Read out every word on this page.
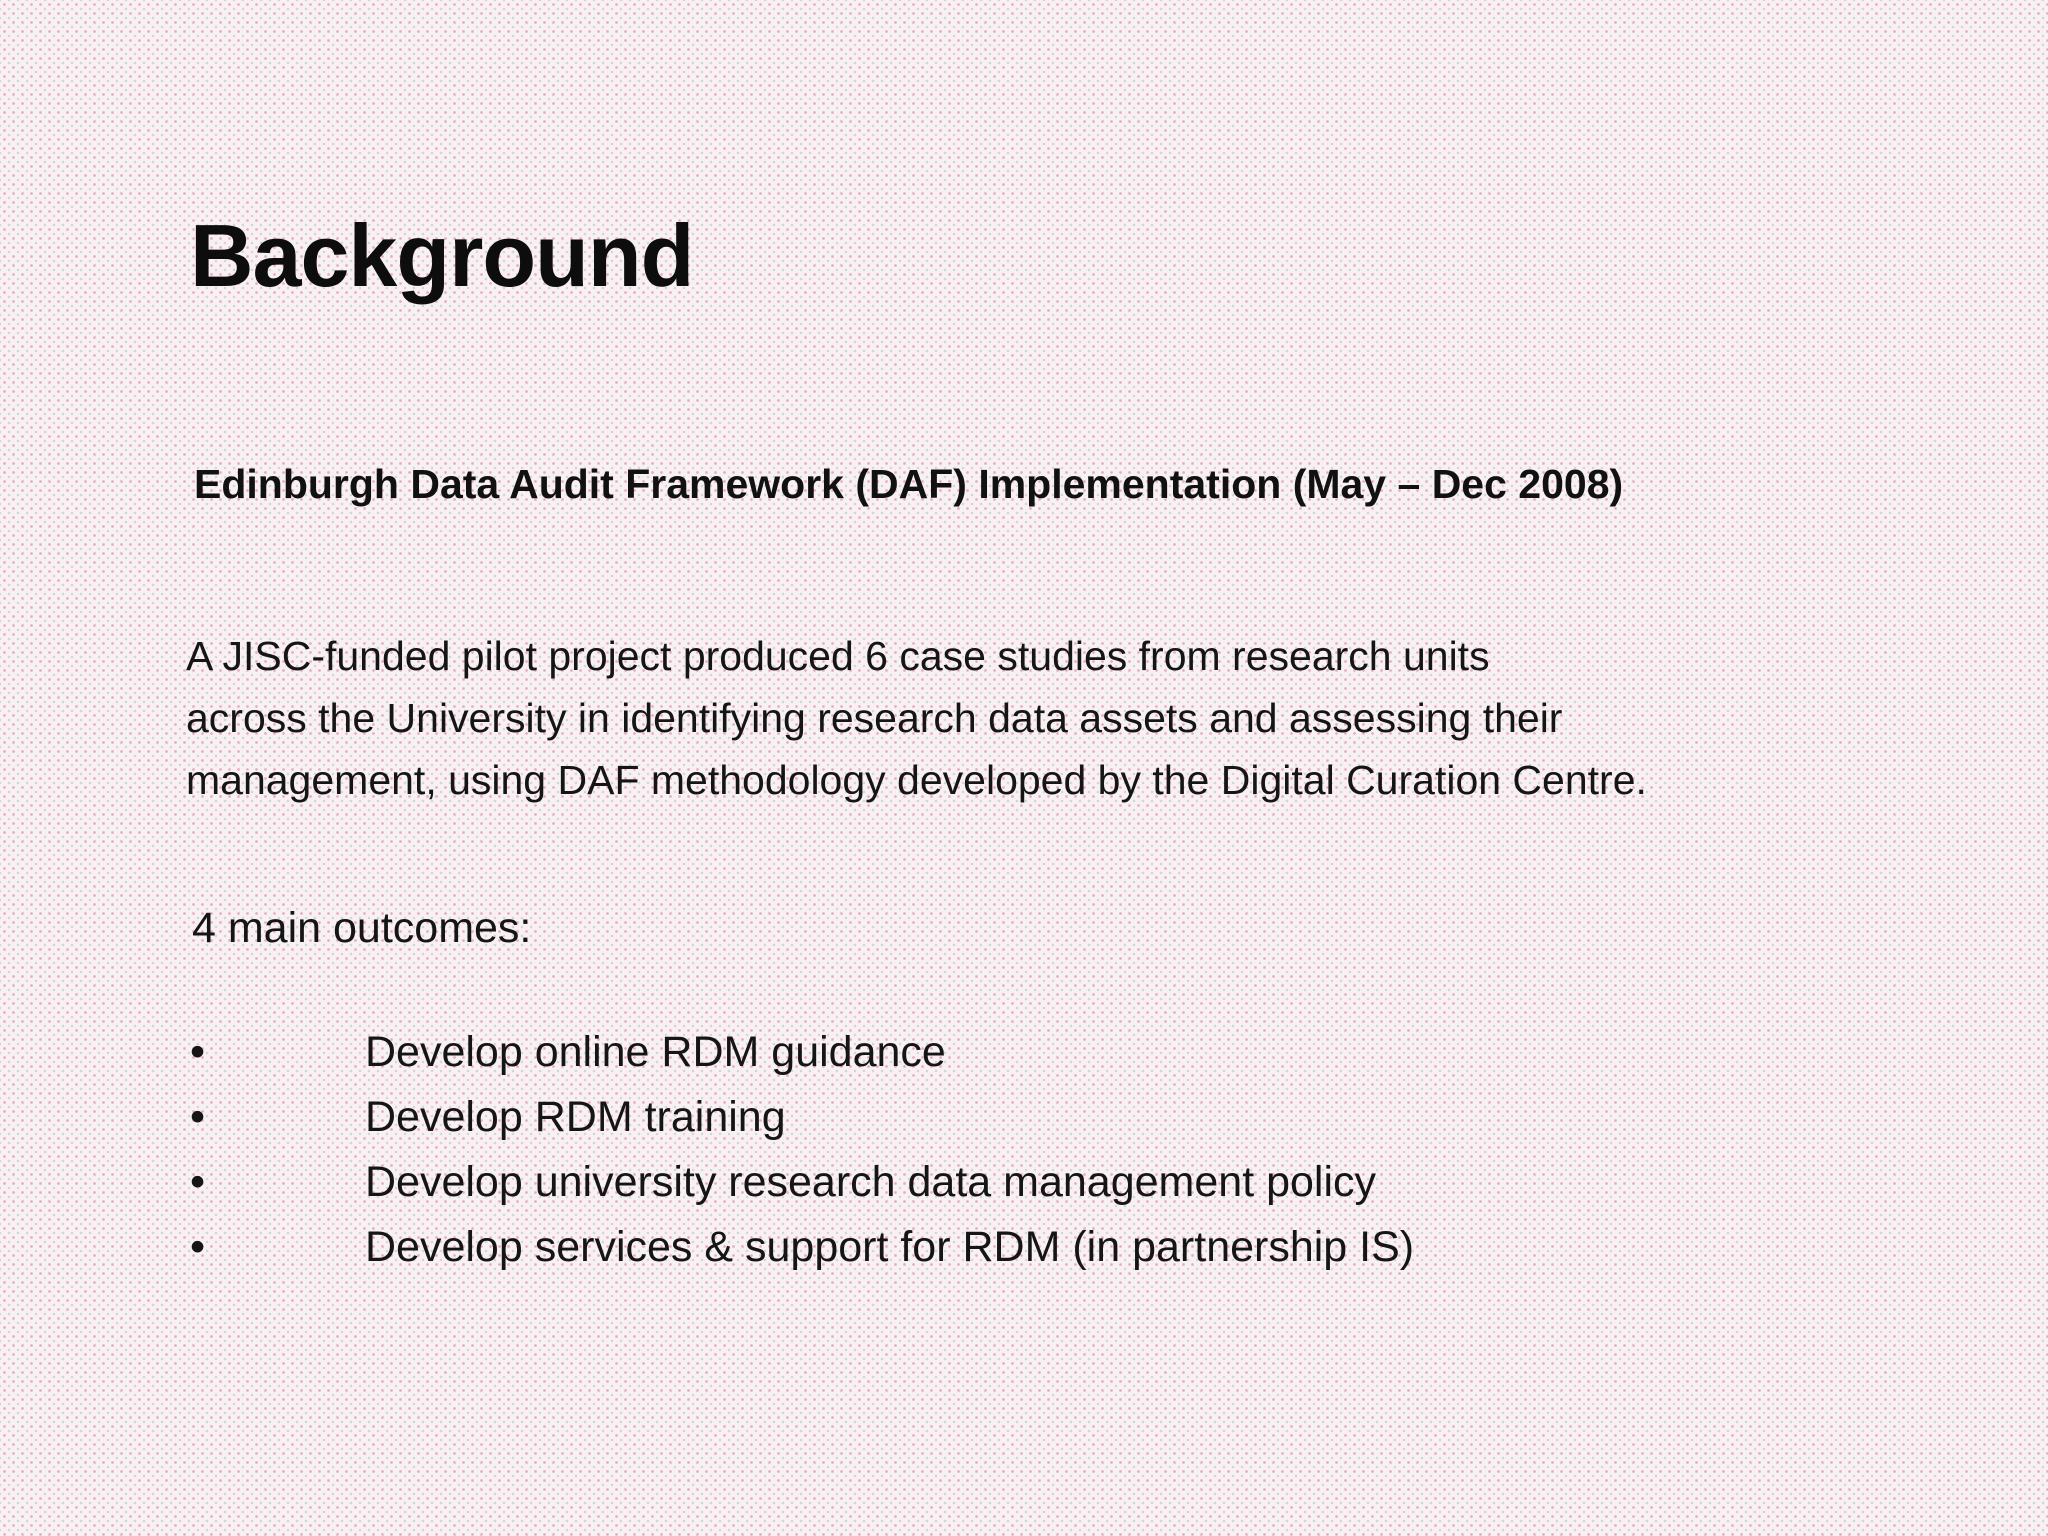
Background
Edinburgh Data Audit Framework (DAF) Implementation (May – Dec 2008)

A JISC-funded pilot project produced 6 case studies from research units
across the University in identifying research data assets and assessing their
management, using DAF methodology developed by the Digital Curation Centre.

4 main outcomes:

•	Develop online RDM guidance
•	Develop RDM training
•	Develop university research data management policy
•	Develop services & support for RDM (in partnership IS)
